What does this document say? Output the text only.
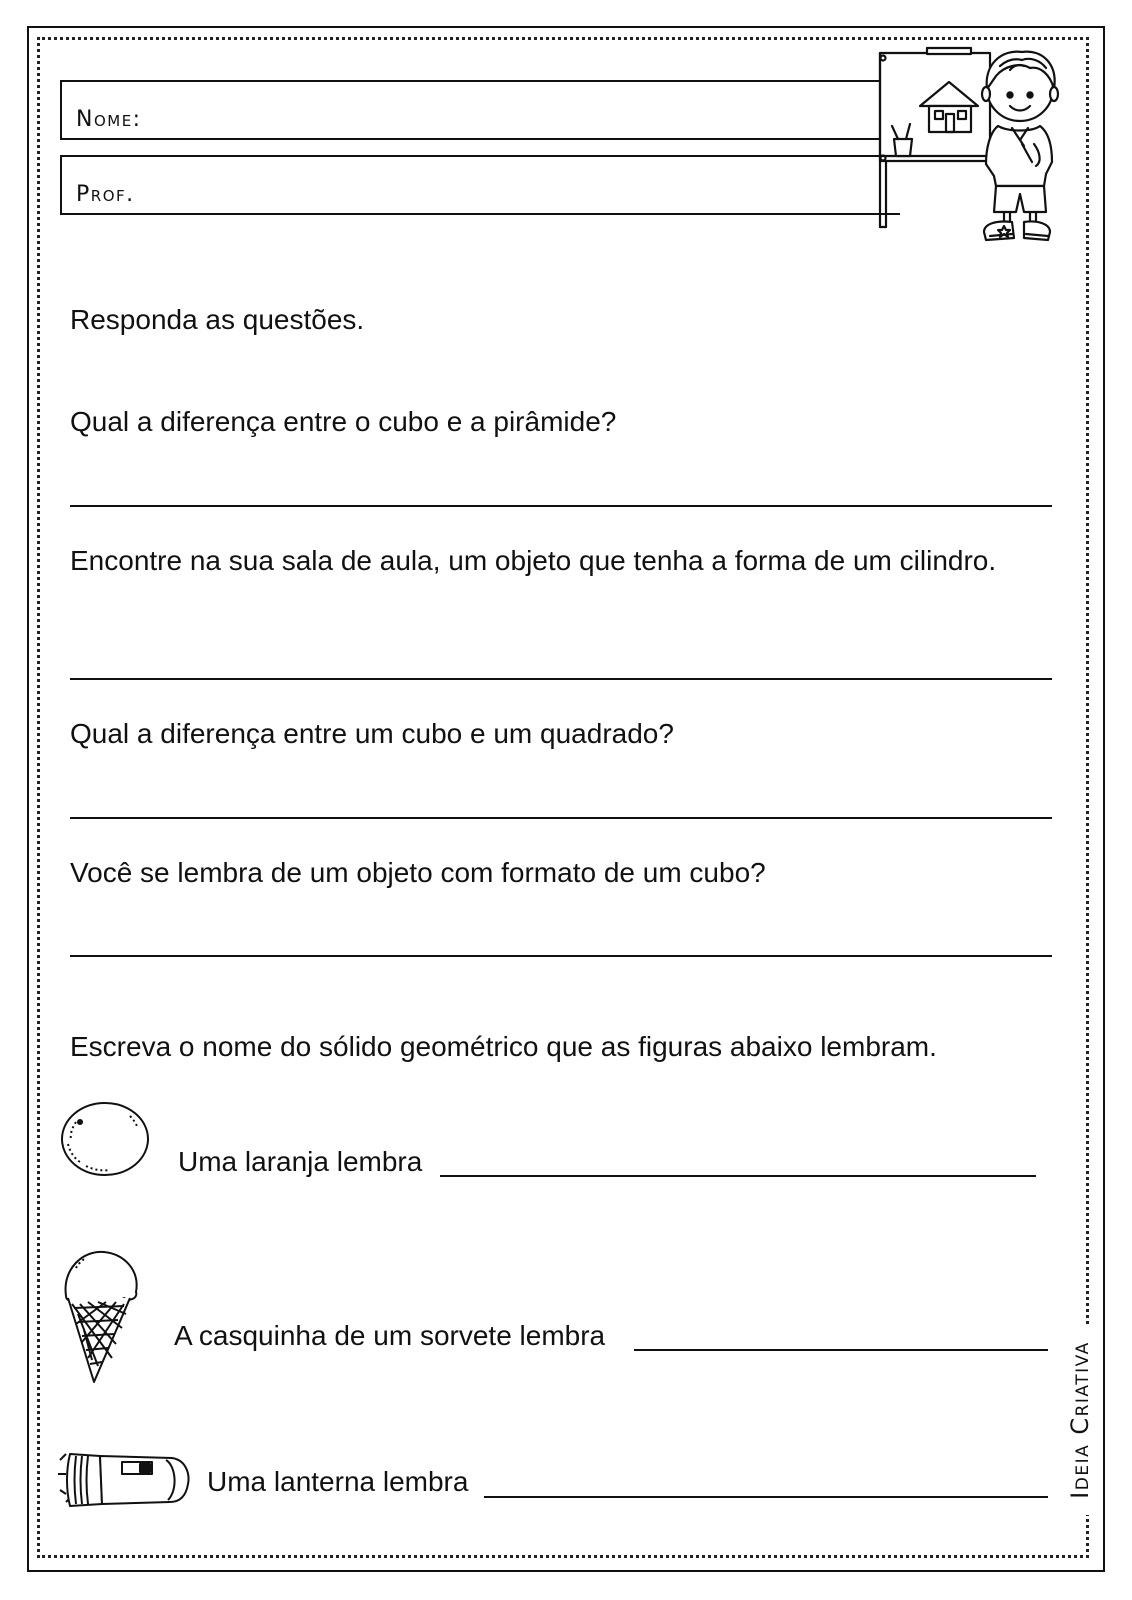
Nome:
Prof.
Responda as questões.
Qual a diferença entre o cubo e a pirâmide?
Encontre na sua sala de aula, um objeto que tenha a forma de um cilindro.
Qual a diferença entre um cubo e um quadrado?
Você se lembra de um objeto com formato de um cubo?
Escreva o nome do sólido geométrico que as figuras abaixo lembram.
Uma laranja lembra
A casquinha de um sorvete lembra
Uma lanterna lembra	Ideia Criativa
